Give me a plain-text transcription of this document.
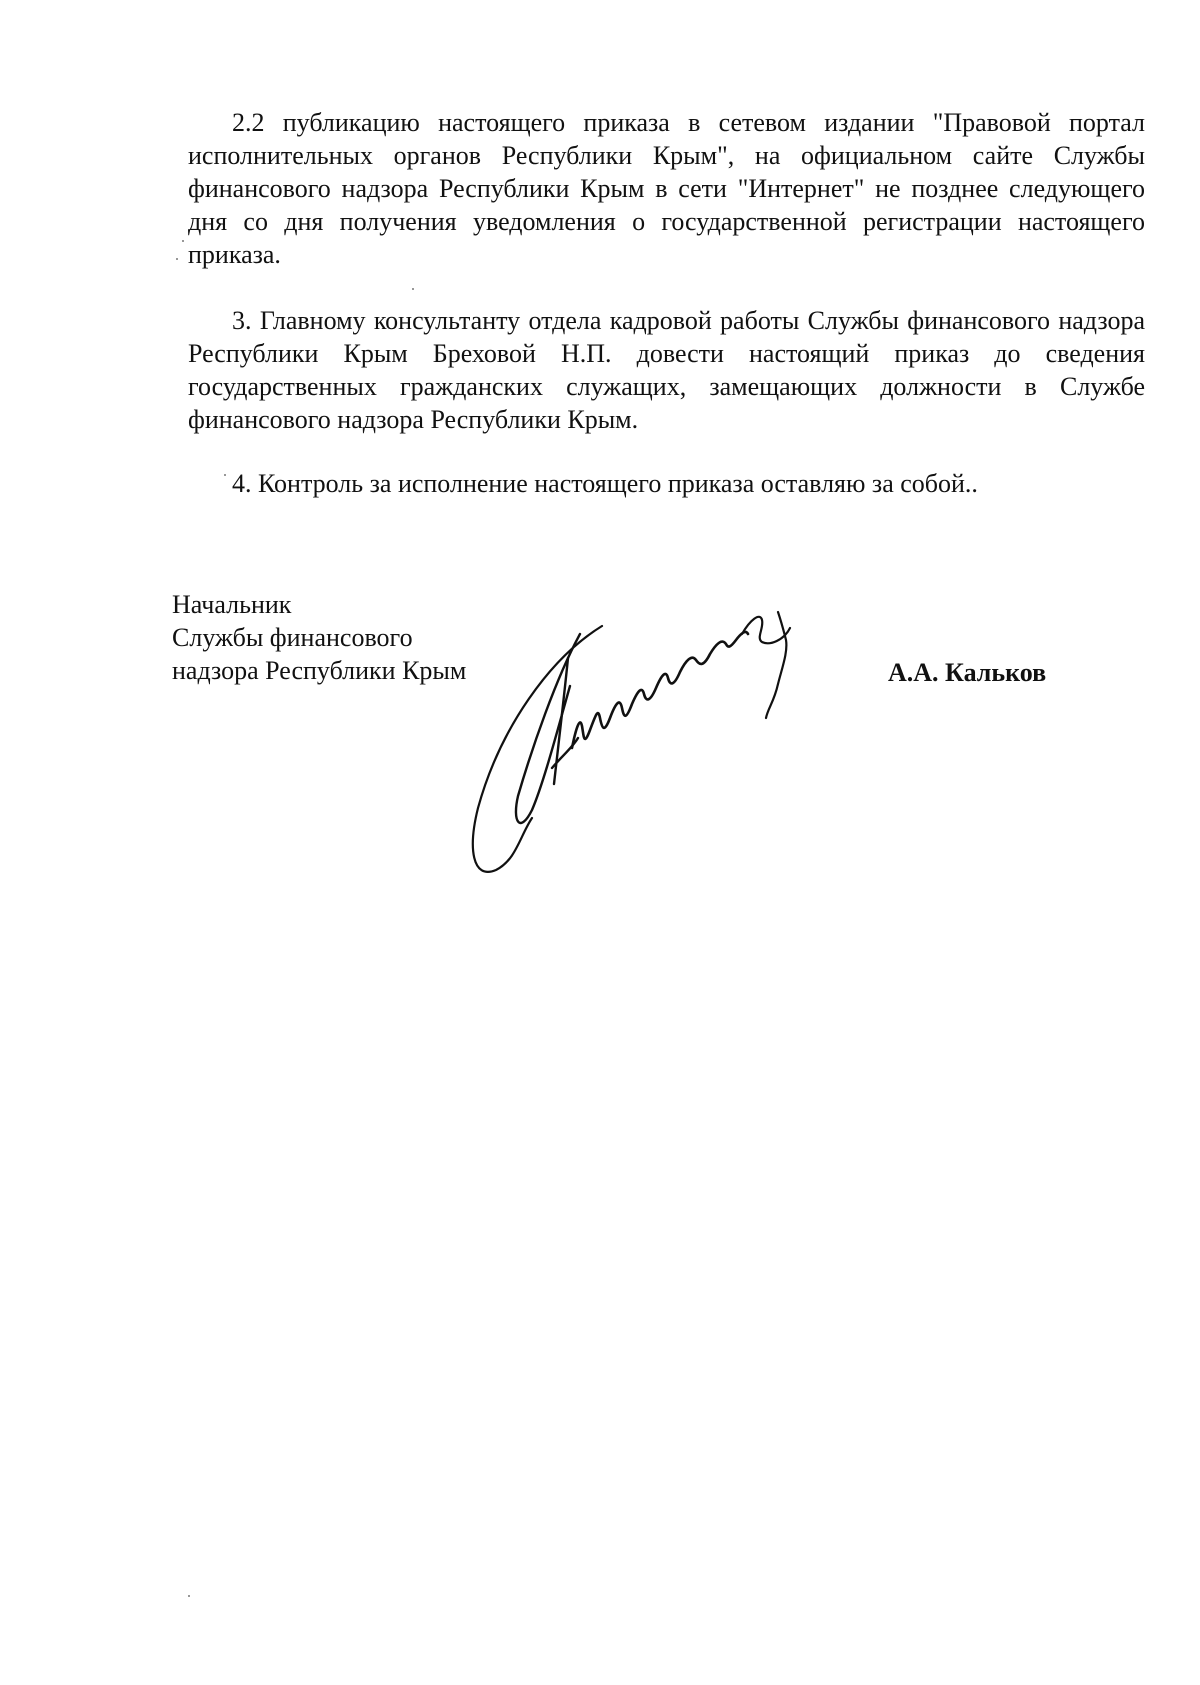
2.2 публикацию настоящего приказа в сетевом издании "Правовой портал исполнительных органов Республики Крым", на официальном сайте Службы финансового надзора Республики Крым в сети "Интернет" не позднее следующего дня со дня получения уведомления о государственной регистрации настоящего приказа.

3. Главному консультанту отдела кадровой работы Службы финансового надзора Республики Крым Бреховой Н.П. довести настоящий приказ до сведения государственных гражданских служащих, замещающих должности в Службе финансового надзора Республики Крым.

4. Контроль за исполнение настоящего приказа оставляю за собой..

Начальник
Службы финансового
надзора Республики Крым	А.А. Кальков
